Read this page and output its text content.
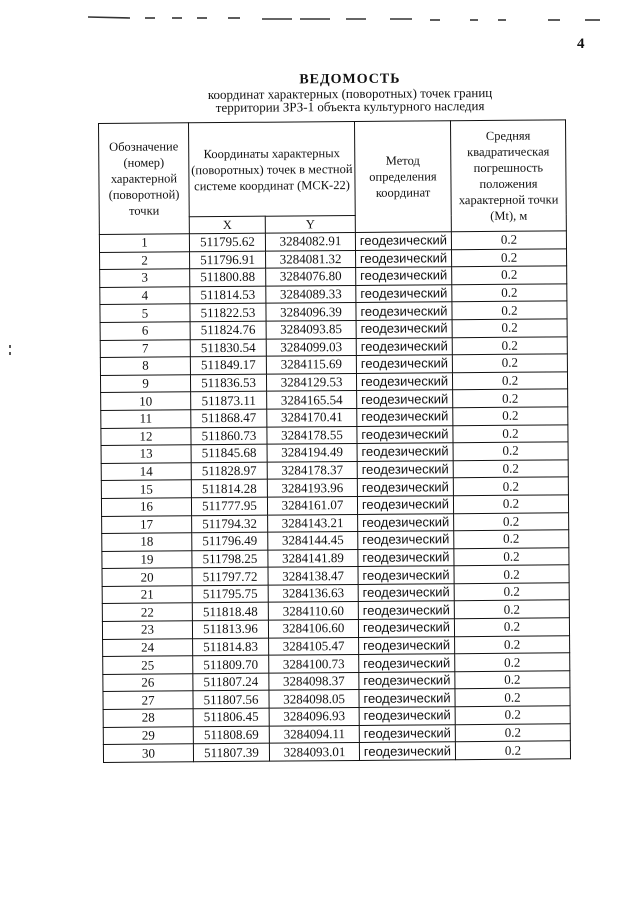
4
ВЕДОМОСТЬ
координат характерных (поворотных) точек границ
территории ЗРЗ-1 объекта культурного наследия
Обозначение (номер) характерной (поворотной) точки	Координаты характерных (поворотных) точек в местной системе координат (МСК-22)		Метод определения координат	Средняя квадратическая погрешность положения характерной точки (Mt), м
	X	Y		
1	511795.62	3284082.91	геодезический	0.2
2	511796.91	3284081.32	геодезический	0.2
3	511800.88	3284076.80	геодезический	0.2
4	511814.53	3284089.33	геодезический	0.2
5	511822.53	3284096.39	геодезический	0.2
6	511824.76	3284093.85	геодезический	0.2
7	511830.54	3284099.03	геодезический	0.2
8	511849.17	3284115.69	геодезический	0.2
9	511836.53	3284129.53	геодезический	0.2
10	511873.11	3284165.54	геодезический	0.2
11	511868.47	3284170.41	геодезический	0.2
12	511860.73	3284178.55	геодезический	0.2
13	511845.68	3284194.49	геодезический	0.2
14	511828.97	3284178.37	геодезический	0.2
15	511814.28	3284193.96	геодезический	0.2
16	511777.95	3284161.07	геодезический	0.2
17	511794.32	3284143.21	геодезический	0.2
18	511796.49	3284144.45	геодезический	0.2
19	511798.25	3284141.89	геодезический	0.2
20	511797.72	3284138.47	геодезический	0.2
21	511795.75	3284136.63	геодезический	0.2
22	511818.48	3284110.60	геодезический	0.2
23	511813.96	3284106.60	геодезический	0.2
24	511814.83	3284105.47	геодезический	0.2
25	511809.70	3284100.73	геодезический	0.2
26	511807.24	3284098.37	геодезический	0.2
27	511807.56	3284098.05	геодезический	0.2
28	511806.45	3284096.93	геодезический	0.2
29	511808.69	3284094.11	геодезический	0.2
30	511807.39	3284093.01	геодезический	0.2
